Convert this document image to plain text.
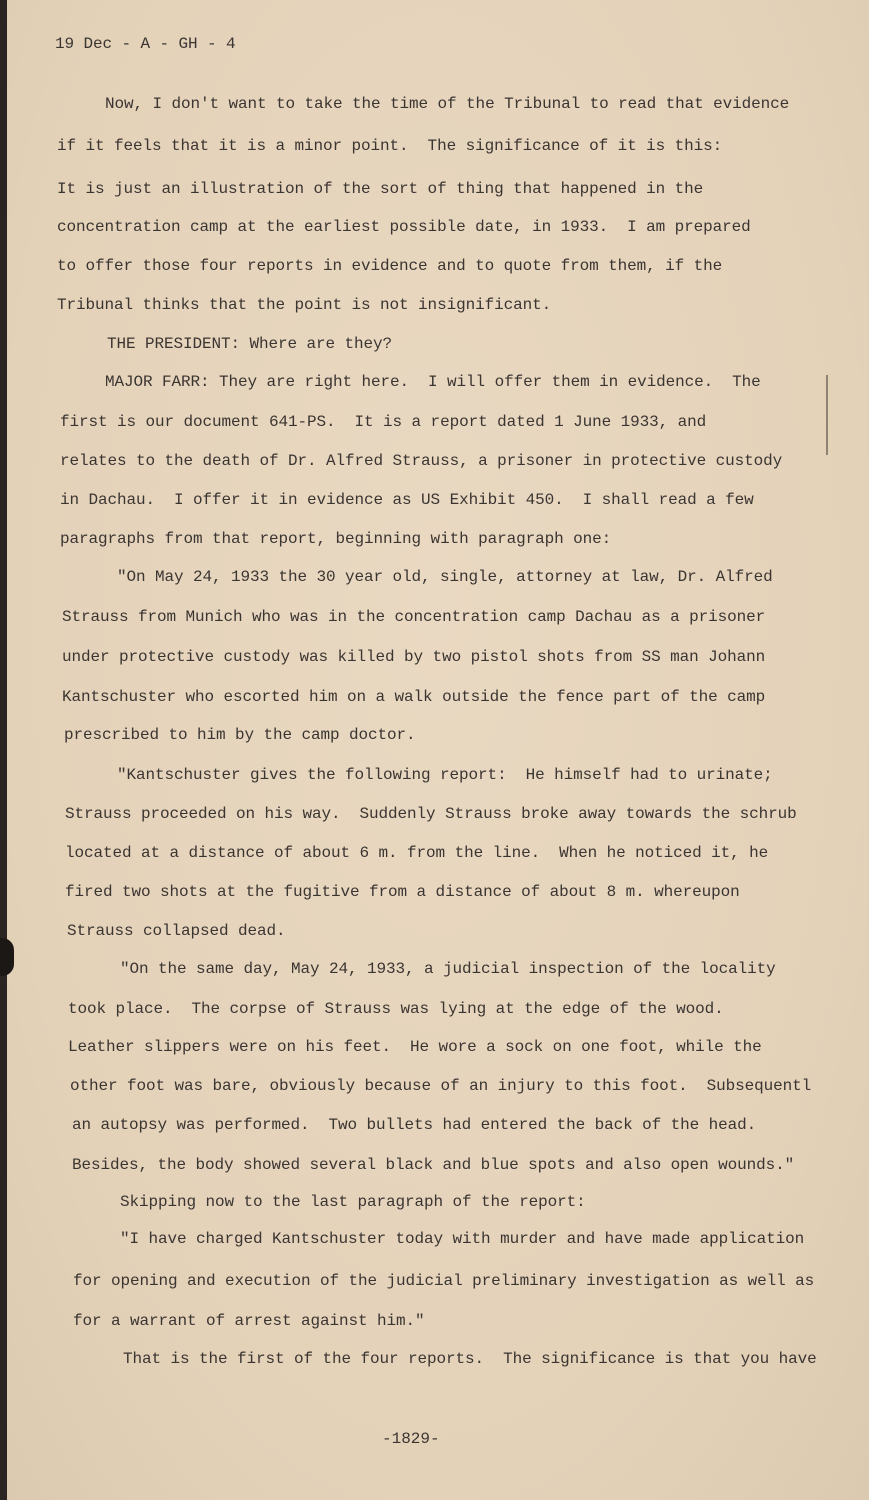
19 Dec - A - GH - 4
Now, I don't want to take the time of the Tribunal to read that evidence
if it feels that it is a minor point.  The significance of it is this:
It is just an illustration of the sort of thing that happened in the
concentration camp at the earliest possible date, in 1933.  I am prepared
to offer those four reports in evidence and to quote from them, if the
Tribunal thinks that the point is not insignificant.
THE PRESIDENT: Where are they?
MAJOR FARR: They are right here.  I will offer them in evidence.  The
first is our document 641-PS.  It is a report dated 1 June 1933, and
relates to the death of Dr. Alfred Strauss, a prisoner in protective custody
in Dachau.  I offer it in evidence as US Exhibit 450.  I shall read a few
paragraphs from that report, beginning with paragraph one:
"On May 24, 1933 the 30 year old, single, attorney at law, Dr. Alfred
Strauss from Munich who was in the concentration camp Dachau as a prisoner
under protective custody was killed by two pistol shots from SS man Johann
Kantschuster who escorted him on a walk outside the fence part of the camp
prescribed to him by the camp doctor.
"Kantschuster gives the following report:  He himself had to urinate;
Strauss proceeded on his way.  Suddenly Strauss broke away towards the schrub
located at a distance of about 6 m. from the line.  When he noticed it, he
fired two shots at the fugitive from a distance of about 8 m. whereupon
Strauss collapsed dead.
"On the same day, May 24, 1933, a judicial inspection of the locality
took place.  The corpse of Strauss was lying at the edge of the wood.
Leather slippers were on his feet.  He wore a sock on one foot, while the
other foot was bare, obviously because of an injury to this foot.  Subsequentl
an autopsy was performed.  Two bullets had entered the back of the head.
Besides, the body showed several black and blue spots and also open wounds."
Skipping now to the last paragraph of the report:
"I have charged Kantschuster today with murder and have made application
for opening and execution of the judicial preliminary investigation as well as
for a warrant of arrest against him."
That is the first of the four reports.  The significance is that you have
-1829-
